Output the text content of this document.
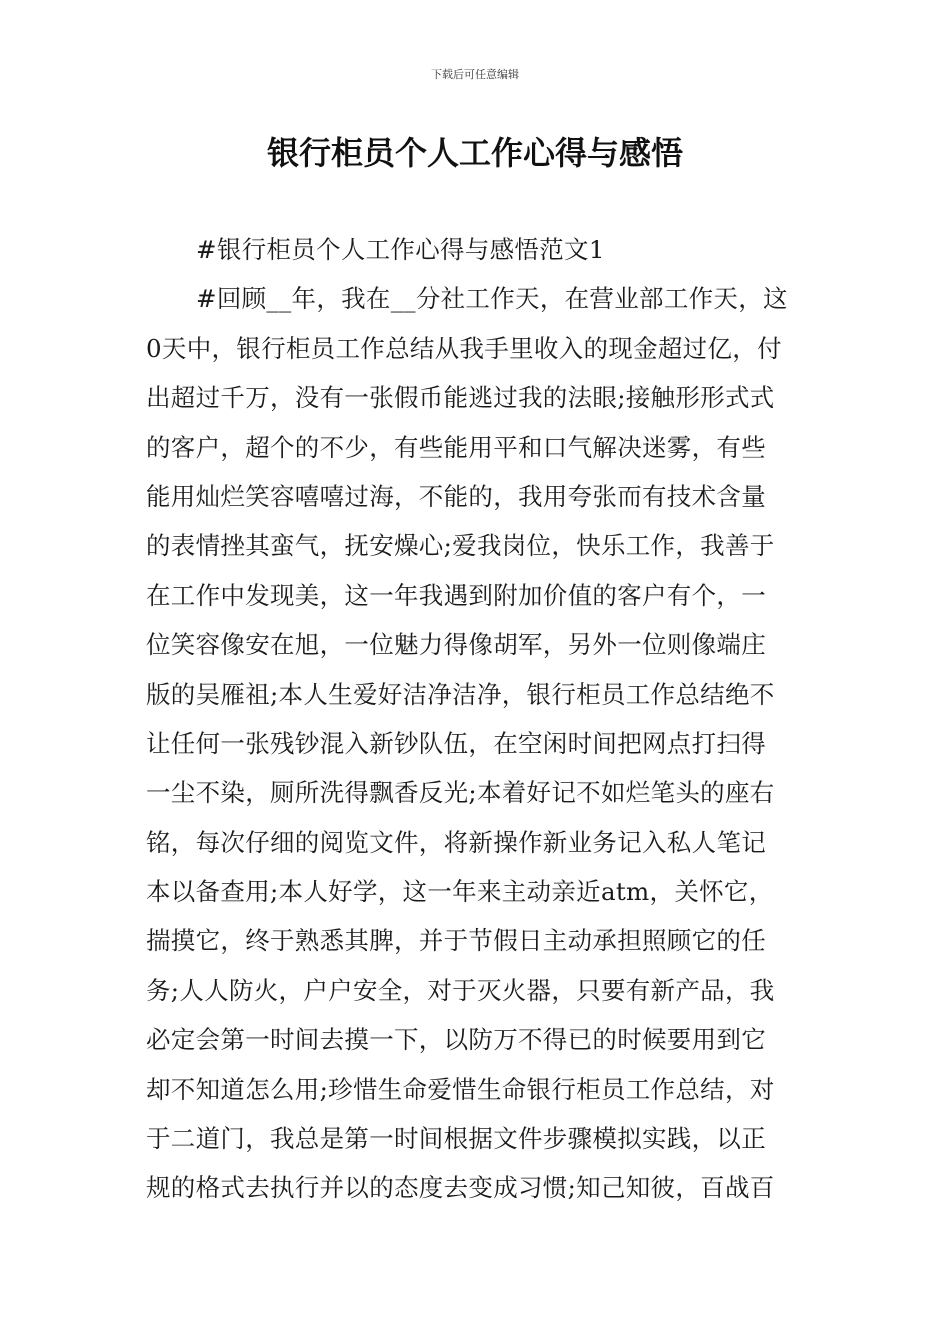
下载后可任意编辑
银行柜员个人工作心得与感悟
#银行柜员个人工作心得与感悟范文1
#回顾__年，我在__分社工作天，在营业部工作天，这
0天中，银行柜员工作总结从我手里收入的现金超过亿，付
出超过千万，没有一张假币能逃过我的法眼;接触形形式式
的客户，超个的不少，有些能用平和口气解决迷雾，有些
能用灿烂笑容嘻嘻过海，不能的，我用夸张而有技术含量
的表情挫其蛮气，抚安燥心;爱我岗位，快乐工作，我善于
在工作中发现美，这一年我遇到附加价值的客户有个，一
位笑容像安在旭，一位魅力得像胡军，另外一位则像端庄
版的吴雁祖;本人生爱好洁净洁净，银行柜员工作总结绝不
让任何一张残钞混入新钞队伍，在空闲时间把网点打扫得
一尘不染，厕所洗得飘香反光;本着好记不如烂笔头的座右
铭，每次仔细的阅览文件，将新操作新业务记入私人笔记
本以备查用;本人好学，这一年来主动亲近atm，关怀它，
揣摸它，终于熟悉其脾，并于节假日主动承担照顾它的任
务;人人防火，户户安全，对于灭火器，只要有新产品，我
必定会第一时间去摸一下，以防万不得已的时候要用到它
却不知道怎么用;珍惜生命爱惜生命银行柜员工作总结，对
于二道门，我总是第一时间根据文件步骤模拟实践，以正
规的格式去执行并以的态度去变成习惯;知己知彼，百战百
